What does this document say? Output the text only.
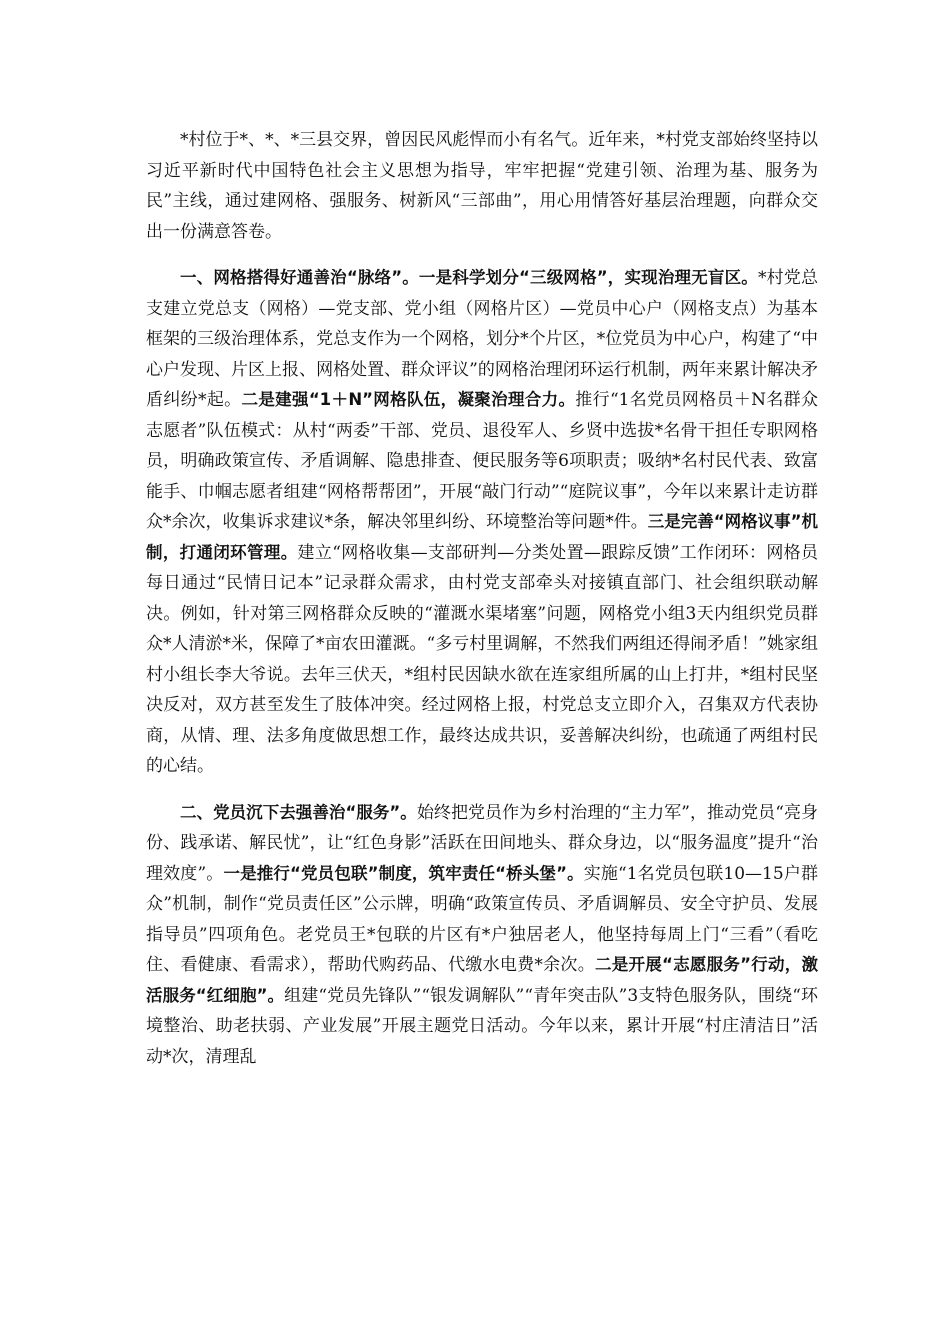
*村位于*、*、*三县交界，曾因民风彪悍而小有名气。近年来，*村党支部始终坚持以习近平新时代中国特色社会主义思想为指导，牢牢把握“党建引领、治理为基、服务为民”主线，通过建网格、强服务、树新风“三部曲”，用心用情答好基层治理题，向群众交出一份满意答卷。

一、网格搭得好通善治“脉络”。一是科学划分“三级网格”，实现治理无盲区。*村党总支建立党总支（网格）—党支部、党小组（网格片区）—党员中心户（网格支点）为基本框架的三级治理体系，党总支作为一个网格，划分*个片区，*位党员为中心户，构建了“中心户发现、片区上报、网格处置、群众评议”的网格治理闭环运行机制，两年来累计解决矛盾纠纷*起。二是建强“1＋N”网格队伍，凝聚治理合力。推行“1名党员网格员＋N名群众志愿者”队伍模式：从村“两委”干部、党员、退役军人、乡贤中选拔*名骨干担任专职网格员，明确政策宣传、矛盾调解、隐患排查、便民服务等6项职责；吸纳*名村民代表、致富能手、巾帼志愿者组建“网格帮帮团”，开展“敲门行动”“庭院议事”，今年以来累计走访群众*余次，收集诉求建议*条，解决邻里纠纷、环境整治等问题*件。三是完善“网格议事”机制，打通闭环管理。建立“网格收集—支部研判—分类处置—跟踪反馈”工作闭环：网格员每日通过“民情日记本”记录群众需求，由村党支部牵头对接镇直部门、社会组织联动解决。例如，针对第三网格群众反映的“灌溉水渠堵塞”问题，网格党小组3天内组织党员群众*人清淤*米，保障了*亩农田灌溉。“多亏村里调解，不然我们两组还得闹矛盾！”姚家组村小组长李大爷说。去年三伏天，*组村民因缺水欲在连家组所属的山上打井，*组村民坚决反对，双方甚至发生了肢体冲突。经过网格上报，村党总支立即介入，召集双方代表协商，从情、理、法多角度做思想工作，最终达成共识，妥善解决纠纷，也疏通了两组村民的心结。

二、党员沉下去强善治“服务”。始终把党员作为乡村治理的“主力军”，推动党员“亮身份、践承诺、解民忧”，让“红色身影”活跃在田间地头、群众身边，以“服务温度”提升“治理效度”。一是推行“党员包联”制度，筑牢责任“桥头堡”。实施“1名党员包联10—15户群众”机制，制作“党员责任区”公示牌，明确“政策宣传员、矛盾调解员、安全守护员、发展指导员”四项角色。老党员王*包联的片区有*户独居老人，他坚持每周上门“三看”（看吃住、看健康、看需求），帮助代购药品、代缴水电费*余次。二是开展“志愿服务”行动，激活服务“红细胞”。组建“党员先锋队”“银发调解队”“青年突击队”3支特色服务队，围绕“环境整治、助老扶弱、产业发展”开展主题党日活动。今年以来，累计开展“村庄清洁日”活动*次，清理乱
